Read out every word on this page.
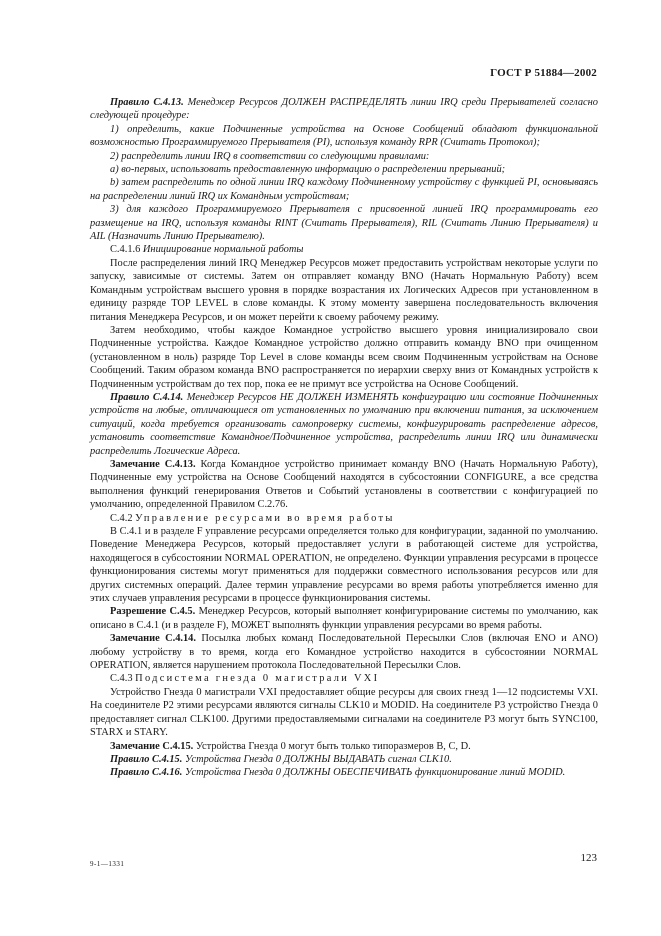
ГОСТ Р 51884—2002

Правило С.4.13. Менеджер Ресурсов ДОЛЖЕН РАСПРЕДЕЛЯТЬ линии IRQ среди Прерывателей согласно следующей процедуре:

1) определить, какие Подчиненные устройства на Основе Сообщений обладают функциональной возможностью Программируемого Прерывателя (PI), используя команду RPR (Считать Протокол);

2) распределить линии IRQ в соответствии со следующими правилами:

а) во-первых, использовать предоставленную информацию о распределении прерываний;

b) затем распределить по одной линии IRQ каждому Подчиненному устройству с функцией PI, основываясь на распределении линий IRQ их Командным устройствам;

3) для каждого Программируемого Прерывателя с присвоенной линией IRQ программировать его размещение на IRQ, используя команды RINT (Считать Прерывателя), RIL (Считать Линию Прерывателя) и AIL (Назначить Линию Прерывателю).

С.4.1.6 Инициирование нормальной работы

После распределения линий IRQ Менеджер Ресурсов может предоставить устройствам некоторые услуги по запуску, зависимые от системы. Затем он отправляет команду BNO (Начать Нормальную Работу) всем Командным устройствам высшего уровня в порядке возрастания их Логических Адресов при установленном в единицу разряде TOP LEVEL в слове команды. К этому моменту завершена последовательность включения питания Менеджера Ресурсов, и он может перейти к своему рабочему режиму.

Затем необходимо, чтобы каждое Командное устройство высшего уровня инициализировало свои Подчиненные устройства. Каждое Командное устройство должно отправить команду BNO при очищенном (установленном в ноль) разряде Top Level в слове команды всем своим Подчиненным устройствам на Основе Сообщений. Таким образом команда BNO распространяется по иерархии сверху вниз от Командных устройств к Подчиненным устройствам до тех пор, пока ее не примут все устройства на Основе Сообщений.

Правило С.4.14. Менеджер Ресурсов НЕ ДОЛЖЕН ИЗМЕНЯТЬ конфигурацию или состояние Подчиненных устройств на любые, отличающиеся от установленных по умолчанию при включении питания, за исключением ситуаций, когда требуется организовать самопроверку системы, конфигурировать распределение адресов, установить соответствие Командное/Подчиненное устройства, распределить линии IRQ или динамически распределить Логические Адреса.

Замечание С.4.13. Когда Командное устройство принимает команду BNO (Начать Нормальную Работу), Подчиненные ему устройства на Основе Сообщений находятся в субсостоянии CONFIGURE, а все средства выполнения функций генерирования Ответов и Событий установлены в соответствии с конфигурацией по умолчанию, определенной Правилом С.2.76.

С.4.2 Управление ресурсами во время работы

В С.4.1 и в разделе F управление ресурсами определяется только для конфигурации, заданной по умолчанию. Поведение Менеджера Ресурсов, который предоставляет услуги в работающей системе для устройства, находящегося в субсостоянии NORMAL OPERATION, не определено. Функции управления ресурсами в процессе функционирования системы могут применяться для поддержки совместного использования ресурсов или для других системных операций. Далее термин управление ресурсами во время работы употребляется именно для этих случаев управления ресурсами в процессе функционирования системы.

Разрешение С.4.5. Менеджер Ресурсов, который выполняет конфигурирование системы по умолчанию, как описано в С.4.1 (и в разделе F), МОЖЕТ выполнять функции управления ресурсами во время работы.

Замечание С.4.14. Посылка любых команд Последовательной Пересылки Слов (включая ENO и ANO) любому устройству в то время, когда его Командное устройство находится в субсостоянии NORMAL OPERATION, является нарушением протокола Последовательной Пересылки Слов.

С.4.3 Подсистема гнезда 0 магистрали VXI

Устройство Гнезда 0 магистрали VXI предоставляет общие ресурсы для своих гнезд 1—12 подсистемы VXI. На соединителе Р2 этими ресурсами являются сигналы CLK10 и MODID. На соединителе Р3 устройство Гнезда 0 предоставляет сигнал CLK100. Другими предоставляемыми сигналами на соединителе Р3 могут быть SYNC100, STARX и STARY.

Замечание С.4.15. Устройства Гнезда 0 могут быть только типоразмеров В, С, D.

Правило С.4.15. Устройства Гнезда 0 ДОЛЖНЫ ВЫДАВАТЬ сигнал CLK10.

Правило С.4.16. Устройства Гнезда 0 ДОЛЖНЫ ОБЕСПЕЧИВАТЬ функционирование линий MODID.

9-1—1331	123
